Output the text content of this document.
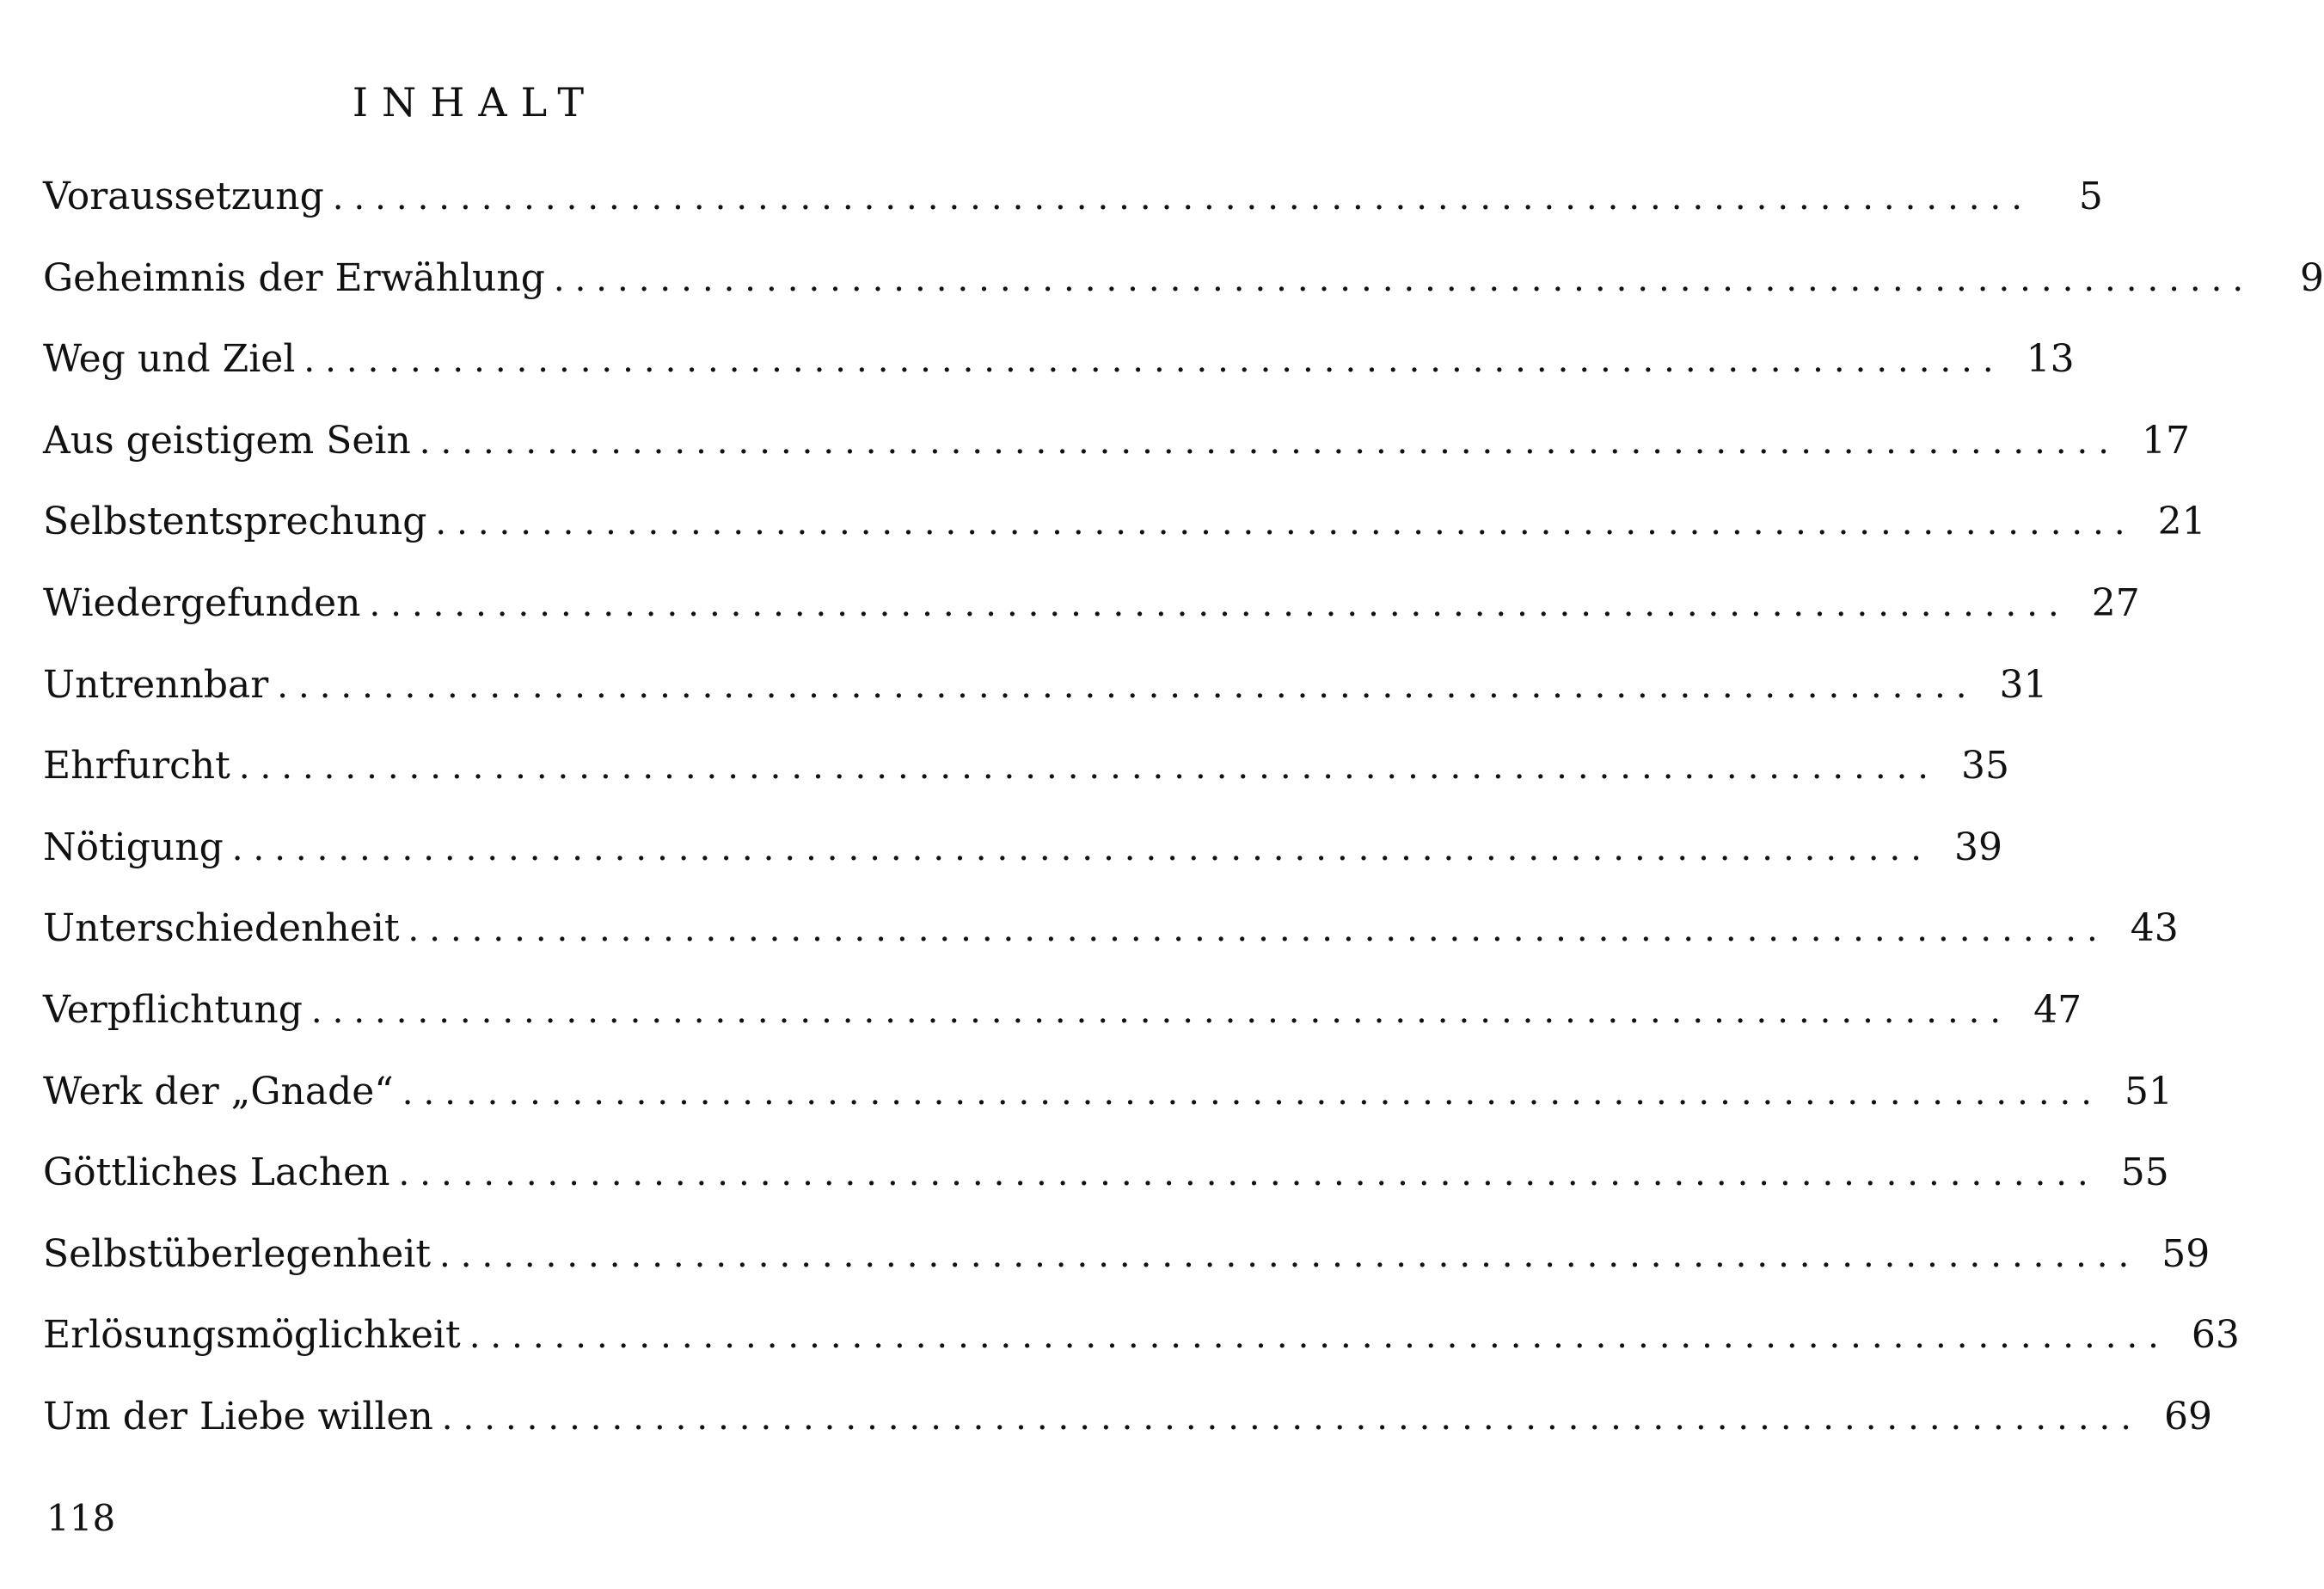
INHALT
Voraussetzung ................................................................................	5
Geheimnis der Erwählung ................................................................................	9
Weg und Ziel ................................................................................ 13
Aus geistigem Sein ................................................................................ 17
Selbstentsprechung ................................................................................ 21
Wiedergefunden ................................................................................ 27
Untrennbar ................................................................................ 31
Ehrfurcht ................................................................................ 35
Nötigung ................................................................................ 39
Unterschiedenheit ................................................................................ 43
Verpflichtung ................................................................................ 47
Werk der „Gnade“ ................................................................................ 51
Göttliches Lachen ................................................................................ 55
Selbstüberlegenheit ................................................................................ 59
Erlösungsmöglichkeit ................................................................................ 63
Um der Liebe willen ................................................................................ 69
118
